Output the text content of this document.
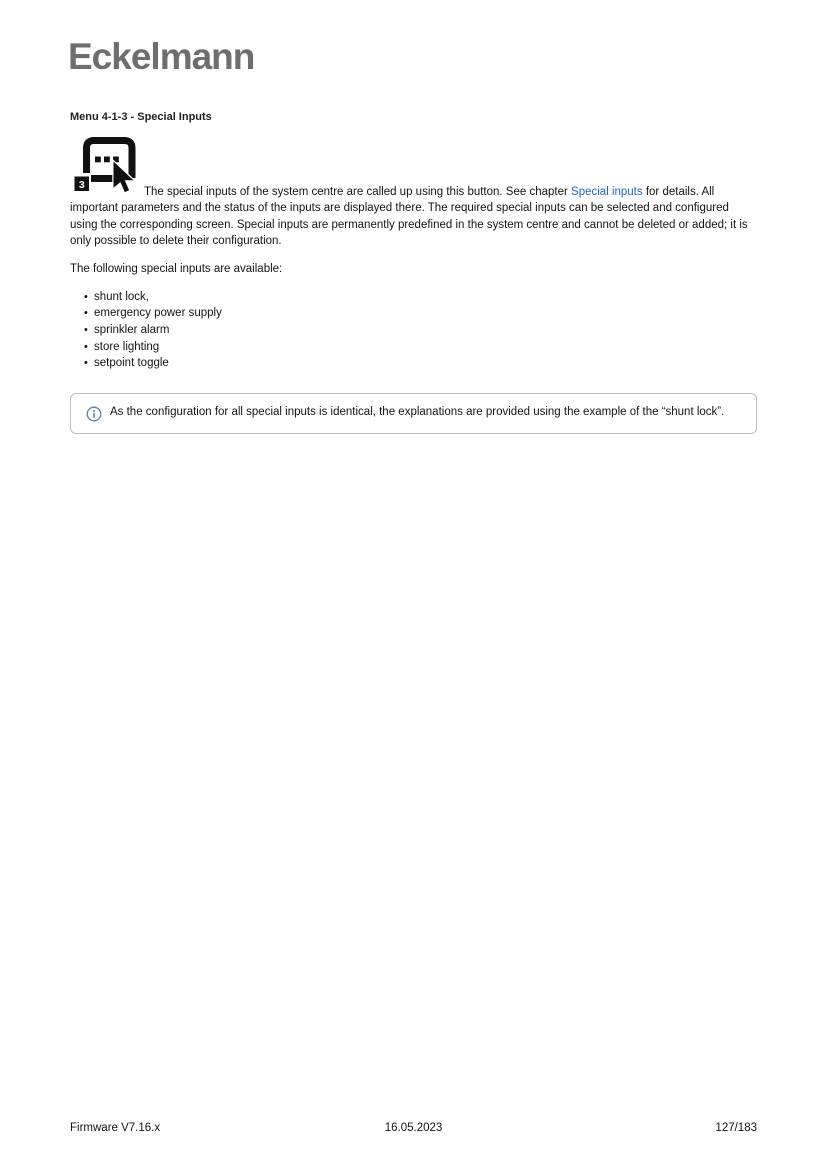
Eckelmann
Menu 4-1-3 - Special Inputs

3
The special inputs of the system centre are called up using this button. See chapter Special inputs for details. All important parameters and the status of the inputs are displayed there. The required special inputs can be selected and configured using the corresponding screen. Special inputs are permanently predefined in the system centre and cannot be deleted or added; it is only possible to delete their configuration.

The following special inputs are available:

• shunt lock,
• emergency power supply
• sprinkler alarm
• store lighting
• setpoint toggle
As the configuration for all special inputs is identical, the explanations are provided using the example of the “shunt lock”.
Firmware V7.16.x	16.05.2023	127/183
